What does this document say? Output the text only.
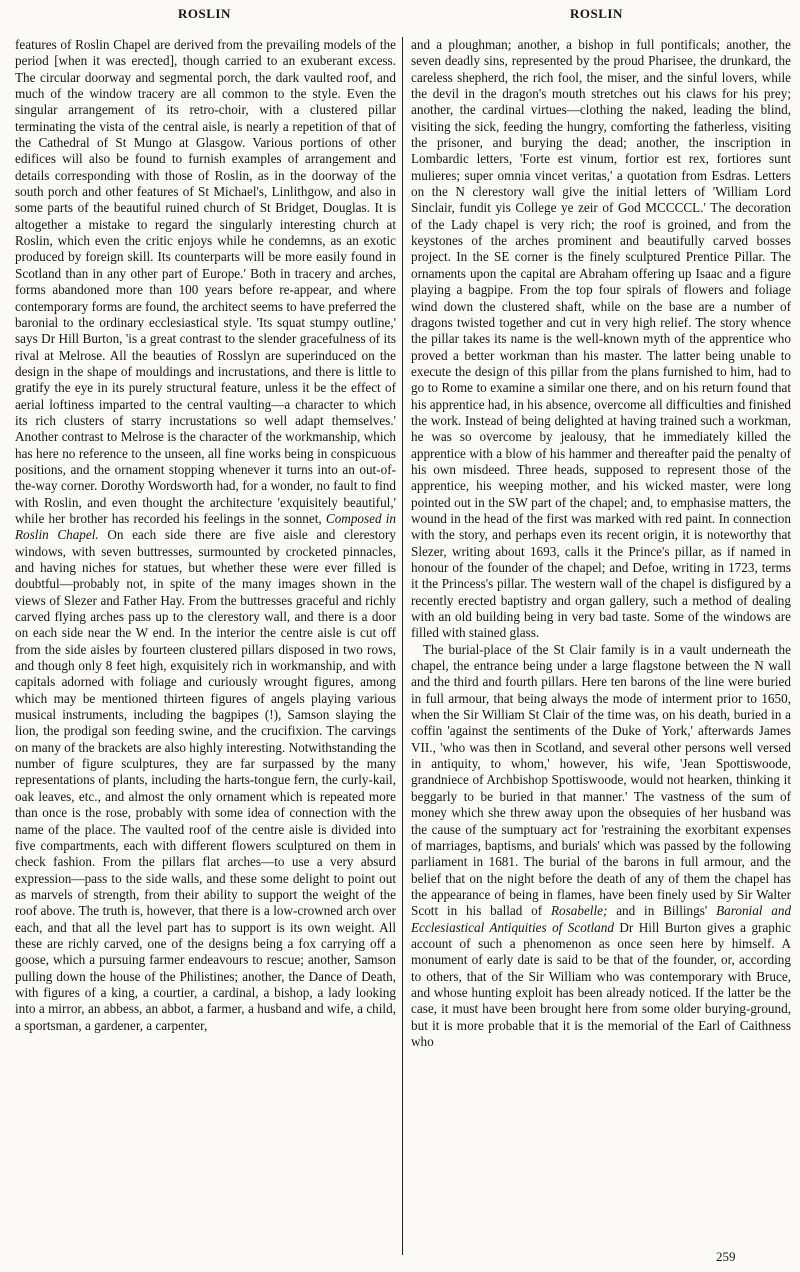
ROSLIN	ROSLIN

features of Roslin Chapel are derived from the prevailing models of the period [when it was erected], though carried to an exuberant excess. The circular doorway and segmental porch, the dark vaulted roof, and much of the window tracery are all common to the style. Even the singular arrangement of its retro-choir, with a clustered pillar terminating the vista of the central aisle, is nearly a repetition of that of the Cathedral of St Mungo at Glasgow. Various portions of other edifices will also be found to furnish examples of arrangement and details corresponding with those of Roslin, as in the doorway of the south porch and other features of St Michael's, Linlithgow, and also in some parts of the beautiful ruined church of St Bridget, Douglas. It is altogether a mistake to regard the singularly interesting church at Roslin, which even the critic enjoys while he condemns, as an exotic produced by foreign skill. Its counterparts will be more easily found in Scotland than in any other part of Europe.' Both in tracery and arches, forms abandoned more than 100 years before re-appear, and where contemporary forms are found, the architect seems to have preferred the baronial to the ordinary ecclesiastical style. 'Its squat stumpy outline,' says Dr Hill Burton, 'is a great contrast to the slender gracefulness of its rival at Melrose. All the beauties of Rosslyn are superinduced on the design in the shape of mouldings and incrustations, and there is little to gratify the eye in its purely structural feature, unless it be the effect of aerial loftiness imparted to the central vaulting—a character to which its rich clusters of starry incrustations so well adapt themselves.' Another contrast to Melrose is the character of the workmanship, which has here no reference to the unseen, all fine works being in conspicuous positions, and the ornament stopping whenever it turns into an out-of-the-way corner. Dorothy Wordsworth had, for a wonder, no fault to find with Roslin, and even thought the architecture 'exquisitely beautiful,' while her brother has recorded his feelings in the sonnet, Composed in Roslin Chapel. On each side there are five aisle and clerestory windows, with seven buttresses, surmounted by crocketed pinnacles, and having niches for statues, but whether these were ever filled is doubtful—probably not, in spite of the many images shown in the views of Slezer and Father Hay. From the buttresses graceful and richly carved flying arches pass up to the clerestory wall, and there is a door on each side near the W end. In the interior the centre aisle is cut off from the side aisles by fourteen clustered pillars disposed in two rows, and though only 8 feet high, exquisitely rich in workmanship, and with capitals adorned with foliage and curiously wrought figures, among which may be mentioned thirteen figures of angels playing various musical instruments, including the bagpipes (!), Samson slaying the lion, the prodigal son feeding swine, and the crucifixion. The carvings on many of the brackets are also highly interesting. Notwithstanding the number of figure sculptures, they are far surpassed by the many representations of plants, including the harts-tongue fern, the curly-kail, oak leaves, etc., and almost the only ornament which is repeated more than once is the rose, probably with some idea of connection with the name of the place. The vaulted roof of the centre aisle is divided into five compartments, each with different flowers sculptured on them in check fashion. From the pillars flat arches—to use a very absurd expression—pass to the side walls, and these some delight to point out as marvels of strength, from their ability to support the weight of the roof above. The truth is, however, that there is a low-crowned arch over each, and that all the level part has to support is its own weight. All these are richly carved, one of the designs being a fox carrying off a goose, which a pursuing farmer endeavours to rescue; another, Samson pulling down the house of the Philistines; another, the Dance of Death, with figures of a king, a courtier, a cardinal, a bishop, a lady looking into a mirror, an abbess, an abbot, a farmer, a husband and wife, a child, a sportsman, a gardener, a carpenter,

and a ploughman; another, a bishop in full pontificals; another, the seven deadly sins, represented by the proud Pharisee, the drunkard, the careless shepherd, the rich fool, the miser, and the sinful lovers, while the devil in the dragon's mouth stretches out his claws for his prey; another, the cardinal virtues—clothing the naked, leading the blind, visiting the sick, feeding the hungry, comforting the fatherless, visiting the prisoner, and burying the dead; another, the inscription in Lombardic letters, 'Forte est vinum, fortior est rex, fortiores sunt mulieres; super omnia vincet veritas,' a quotation from Esdras. Letters on the N clerestory wall give the initial letters of 'William Lord Sinclair, fundit yis College ye zeir of God MCCCCL.' The decoration of the Lady chapel is very rich; the roof is groined, and from the keystones of the arches prominent and beautifully carved bosses project. In the SE corner is the finely sculptured Prentice Pillar. The ornaments upon the capital are Abraham offering up Isaac and a figure playing a bagpipe. From the top four spirals of flowers and foliage wind down the clustered shaft, while on the base are a number of dragons twisted together and cut in very high relief. The story whence the pillar takes its name is the well-known myth of the apprentice who proved a better workman than his master. The latter being unable to execute the design of this pillar from the plans furnished to him, had to go to Rome to examine a similar one there, and on his return found that his apprentice had, in his absence, overcome all difficulties and finished the work. Instead of being delighted at having trained such a workman, he was so overcome by jealousy, that he immediately killed the apprentice with a blow of his hammer and thereafter paid the penalty of his own misdeed. Three heads, supposed to represent those of the apprentice, his weeping mother, and his wicked master, were long pointed out in the SW part of the chapel; and, to emphasise matters, the wound in the head of the first was marked with red paint. In connection with the story, and perhaps even its recent origin, it is noteworthy that Slezer, writing about 1693, calls it the Prince's pillar, as if named in honour of the founder of the chapel; and Defoe, writing in 1723, terms it the Princess's pillar. The western wall of the chapel is disfigured by a recently erected baptistry and organ gallery, such a method of dealing with an old building being in very bad taste. Some of the windows are filled with stained glass.

The burial-place of the St Clair family is in a vault underneath the chapel, the entrance being under a large flagstone between the N wall and the third and fourth pillars. Here ten barons of the line were buried in full armour, that being always the mode of interment prior to 1650, when the Sir William St Clair of the time was, on his death, buried in a coffin 'against the sentiments of the Duke of York,' afterwards James VII., 'who was then in Scotland, and several other persons well versed in antiquity, to whom,' however, his wife, 'Jean Spottiswoode, grandniece of Archbishop Spottiswoode, would not hearken, thinking it beggarly to be buried in that manner.' The vastness of the sum of money which she threw away upon the obsequies of her husband was the cause of the sumptuary act for 'restraining the exorbitant expenses of marriages, baptisms, and burials' which was passed by the following parliament in 1681. The burial of the barons in full armour, and the belief that on the night before the death of any of them the chapel has the appearance of being in flames, have been finely used by Sir Walter Scott in his ballad of Rosabelle; and in Billings' Baronial and Ecclesiastical Antiquities of Scotland Dr Hill Burton gives a graphic account of such a phenomenon as once seen here by himself. A monument of early date is said to be that of the founder, or, according to others, that of the Sir William who was contemporary with Bruce, and whose hunting exploit has been already noticed. If the latter be the case, it must have been brought here from some older burying-ground, but it is more probable that it is the memorial of the Earl of Caithness who

259
